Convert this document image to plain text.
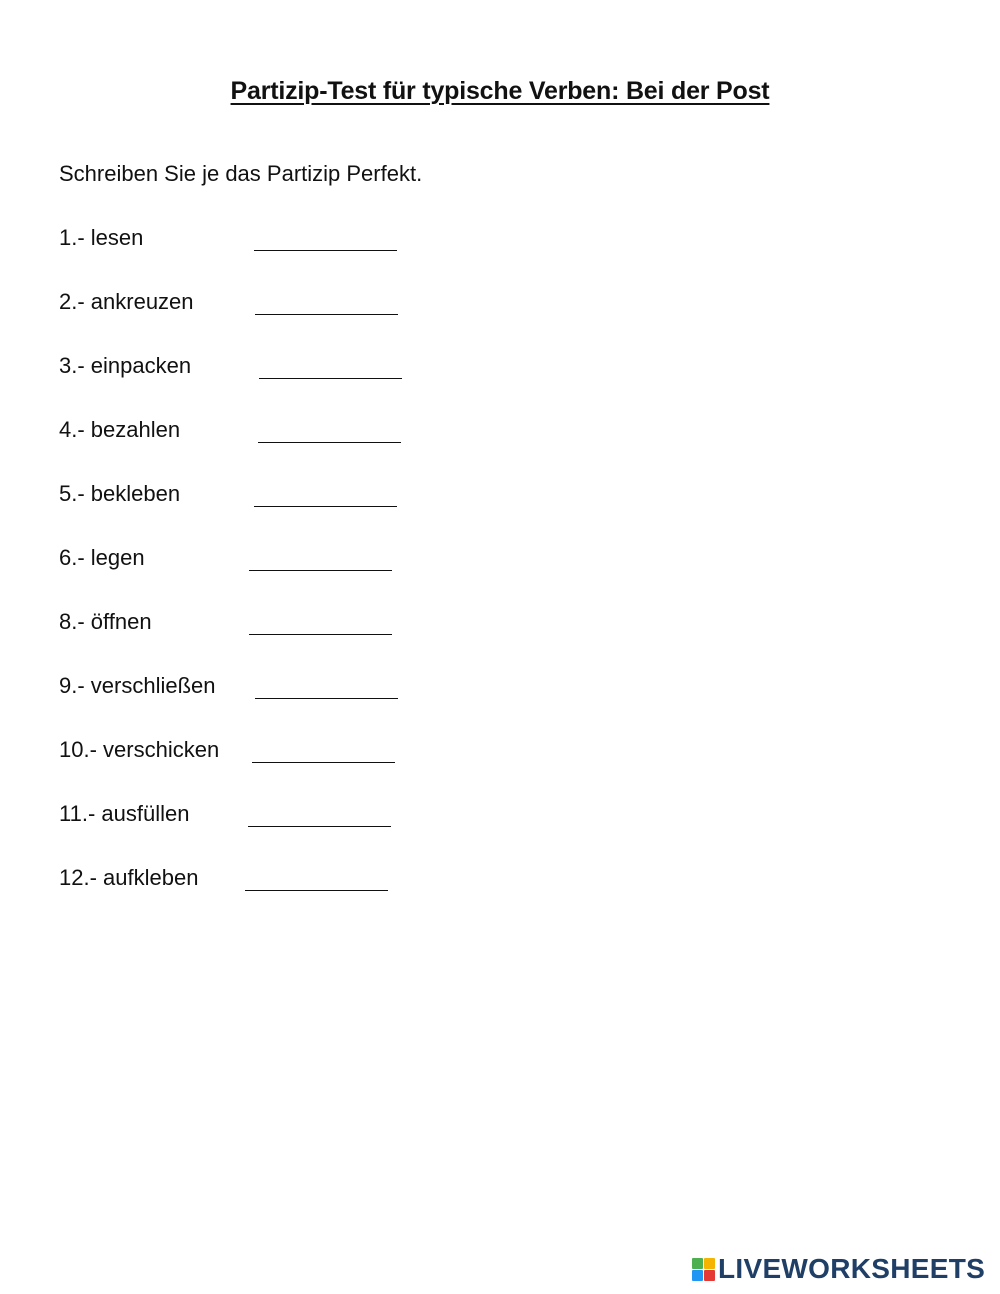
Partizip-Test für typische Verben: Bei der Post
Schreiben Sie je das Partizip Perfekt.
1.- lesen
2.- ankreuzen
3.- einpacken
4.- bezahlen
5.- bekleben
6.- legen
8.- öffnen
9.- verschließen
10.- verschicken
11.- ausfüllen
12.- aufkleben
LIVEWORKSHEETS
